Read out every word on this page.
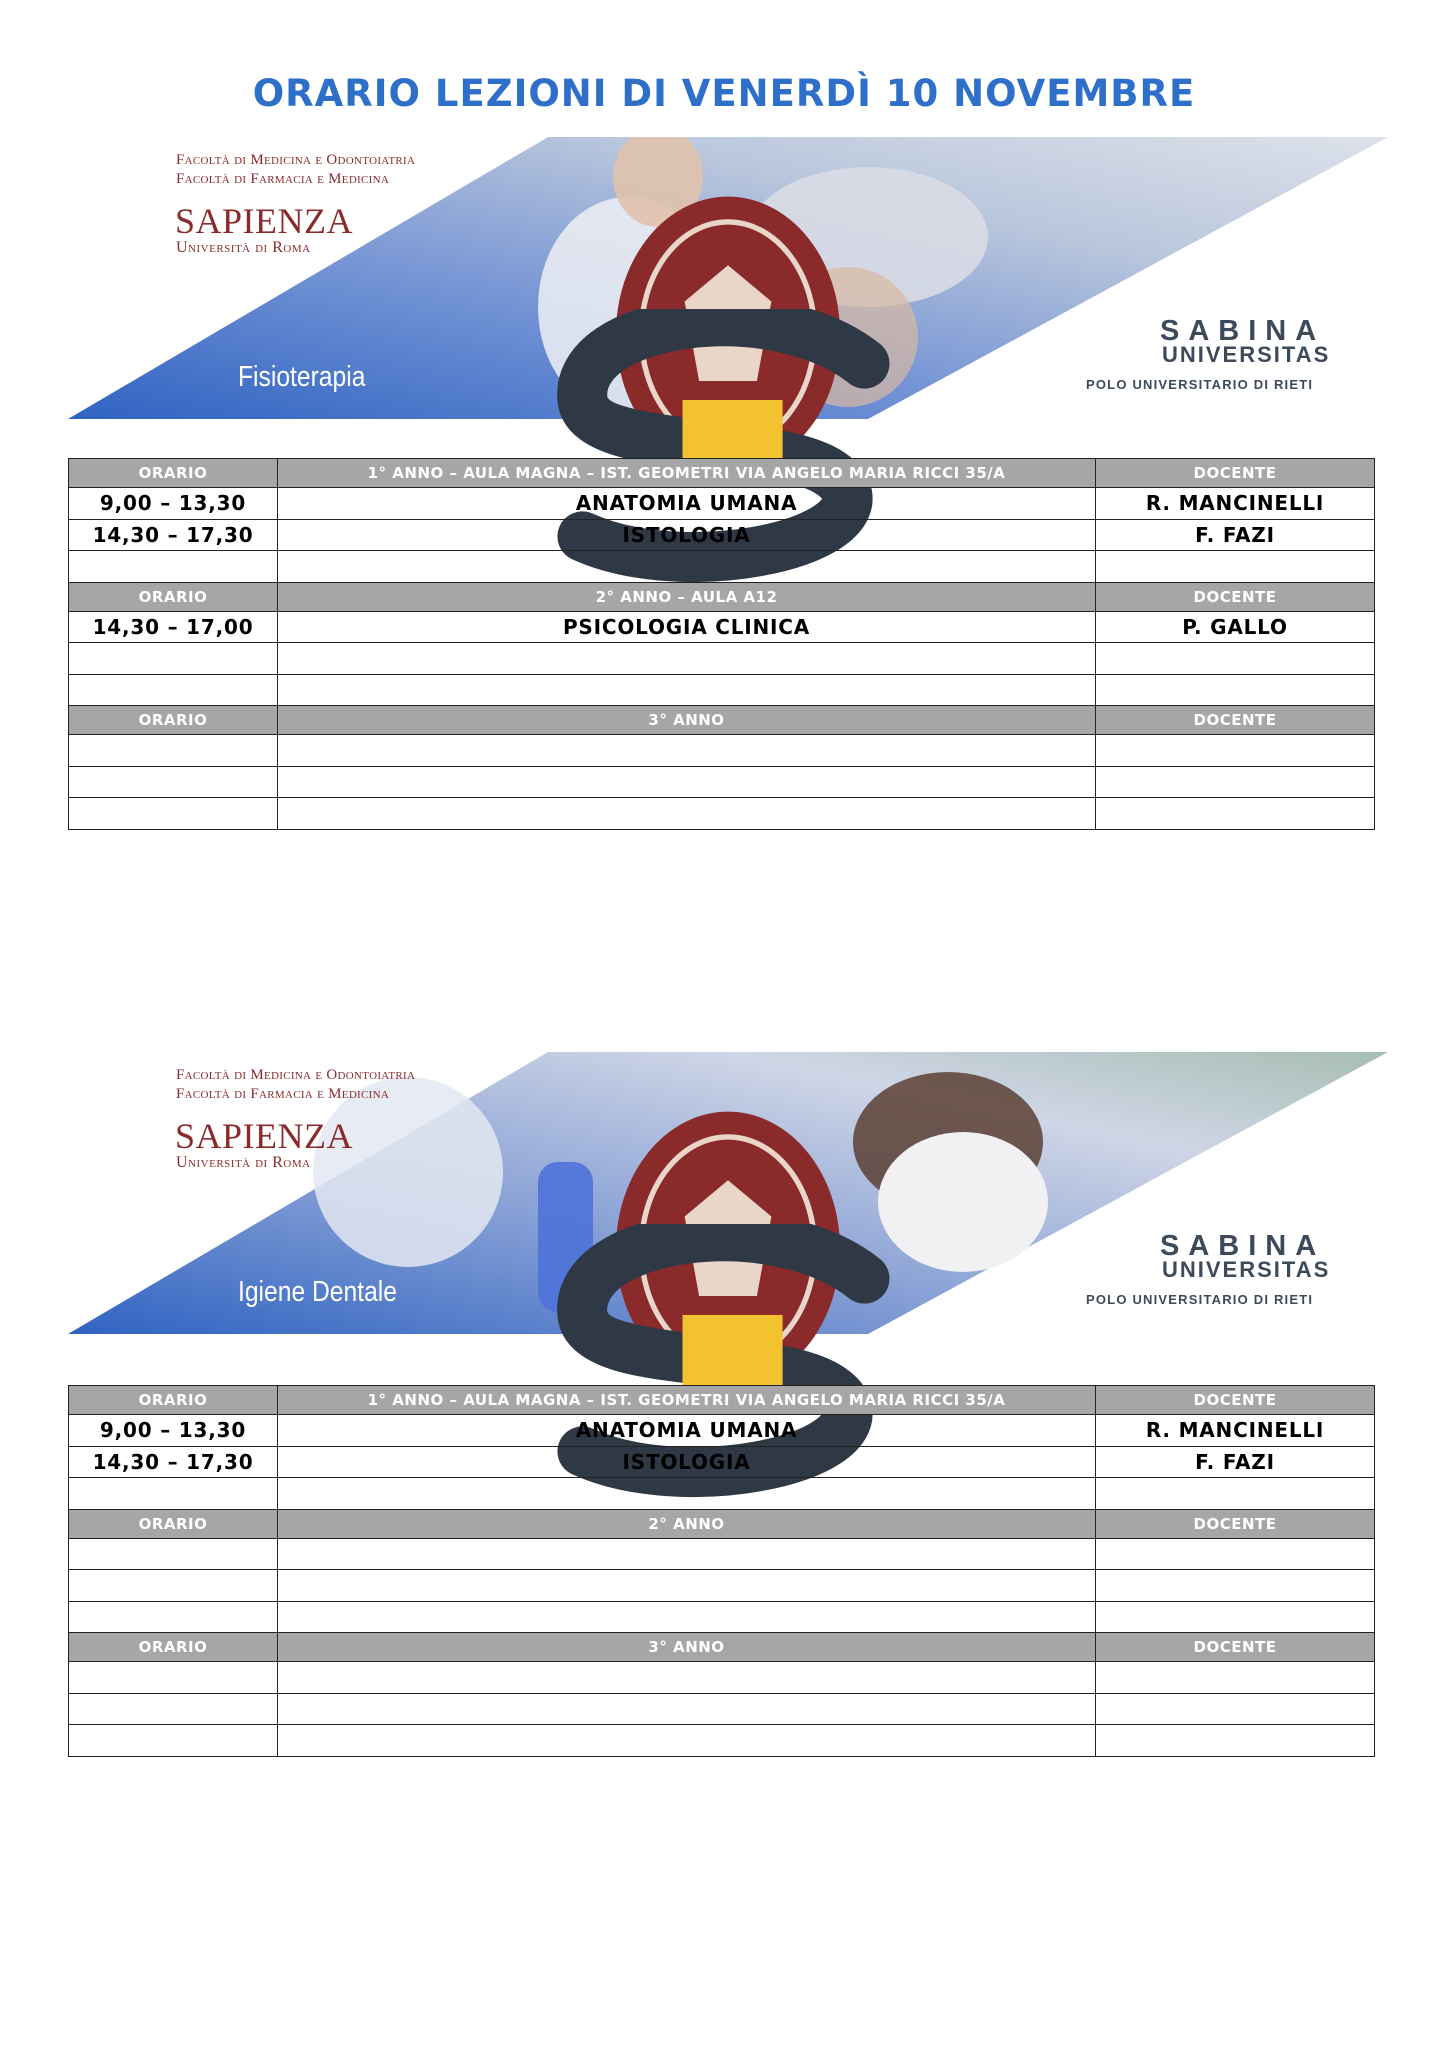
ORARIO LEZIONI DI VENERDÌ 10 NOVEMBRE
Facoltà di Medicina e Odontoiatria
Facoltà di Farmacia e Medicina
SAPIENZA
Università di Roma
Fisioterapia
SABINA
UNIVERSITAS
POLO UNIVERSITARIO DI RIETI
ORARIO	1° ANNO – AULA MAGNA – IST. GEOMETRI VIA ANGELO MARIA RICCI 35/A	DOCENTE
9,00 – 13,30	ANATOMIA UMANA	R. MANCINELLI
14,30 – 17,30	ISTOLOGIA	F. FAZI

ORARIO	2° ANNO – AULA A12	DOCENTE
14,30 – 17,00	PSICOLOGIA CLINICA	P. GALLO

ORARIO	3° ANNO	DOCENTE

Facoltà di Medicina e Odontoiatria
Facoltà di Farmacia e Medicina
SAPIENZA
Università di Roma
Igiene Dentale
SABINA
UNIVERSITAS
POLO UNIVERSITARIO DI RIETI
ORARIO	1° ANNO – AULA MAGNA – IST. GEOMETRI VIA ANGELO MARIA RICCI 35/A	DOCENTE
9,00 – 13,30	ANATOMIA UMANA	R. MANCINELLI
14,30 – 17,30	ISTOLOGIA	F. FAZI

ORARIO	2° ANNO	DOCENTE

ORARIO	3° ANNO	DOCENTE
